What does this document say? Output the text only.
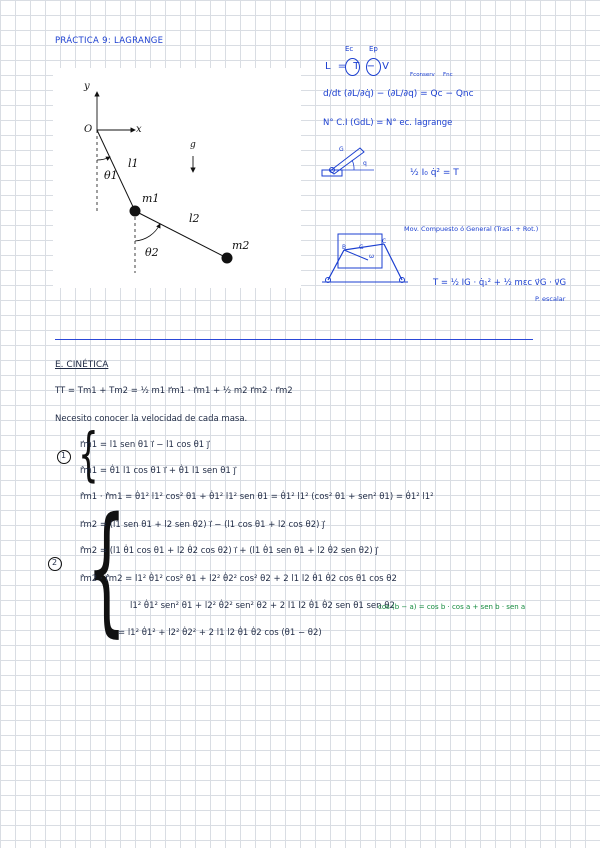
PRÁCTICA 9: LAGRANGE
y
x
O
g
l1
θ1
m1
l2
θ2
m2
Ec Ep
L = T − V
Fconserv Fnc
d/dt (∂L/∂q̇) − (∂L/∂q) = Qc − Qnc
N° C.I (GdL) = N° ec. lagrange
G
q
½ I₀ q̇² = T
Mov. Compuesto ó General (Trasl. + Rot.)
B G
C
ω
T = ½ IG · q̇₁² + ½ mεc v⃗G · v⃗G
P. escalar
E. CINÉTICA
TT = Tm1 + Tm2 = ½ m1 r⃗m1 · r⃗m1 + ½ m2 r⃗m2 · r⃗m2
Necesito conocer la velocidad de cada masa.
1 {
r⃗m1 = l1 sen θ1 i⃗ − l1 cos θ1 j⃗
r⃗̇m1 = θ̇1 l1 cos θ1 i⃗ + θ̇1 l1 sen θ1 j⃗
r⃗̇m1 · r⃗̇m1 = θ̇1² l1² cos² θ1 + θ̇1² l1² sen θ1 = θ̇1² l1² (cos² θ1 + sen² θ1) = θ̇1² l1²
2 {
r⃗m2 = (l1 sen θ1 + l2 sen θ2) i⃗ − (l1 cos θ1 + l2 cos θ2) j⃗
r⃗̇m2 = (l1 θ̇1 cos θ1 + l2 θ̇2 cos θ2) i⃗ + (l1 θ̇1 sen θ1 + l2 θ̇2 sen θ2) j⃗
r⃗̇m2 · r⃗̇m2 = l1² θ̇1² cos² θ1 + l2² θ̇2² cos² θ2 + 2 l1 l2 θ̇1 θ̇2 cos θ1 cos θ2
l1² θ̇1² sen² θ1 + l2² θ̇2² sen² θ2 + 2 l1 l2 θ̇1 θ̇2 sen θ1 sen θ2
= l1² θ̇1² + l2² θ̇2² + 2 l1 l2 θ̇1 θ̇2 cos (θ1 − θ2)
cos (b − a) = cos b · cos a + sen b · sen a
